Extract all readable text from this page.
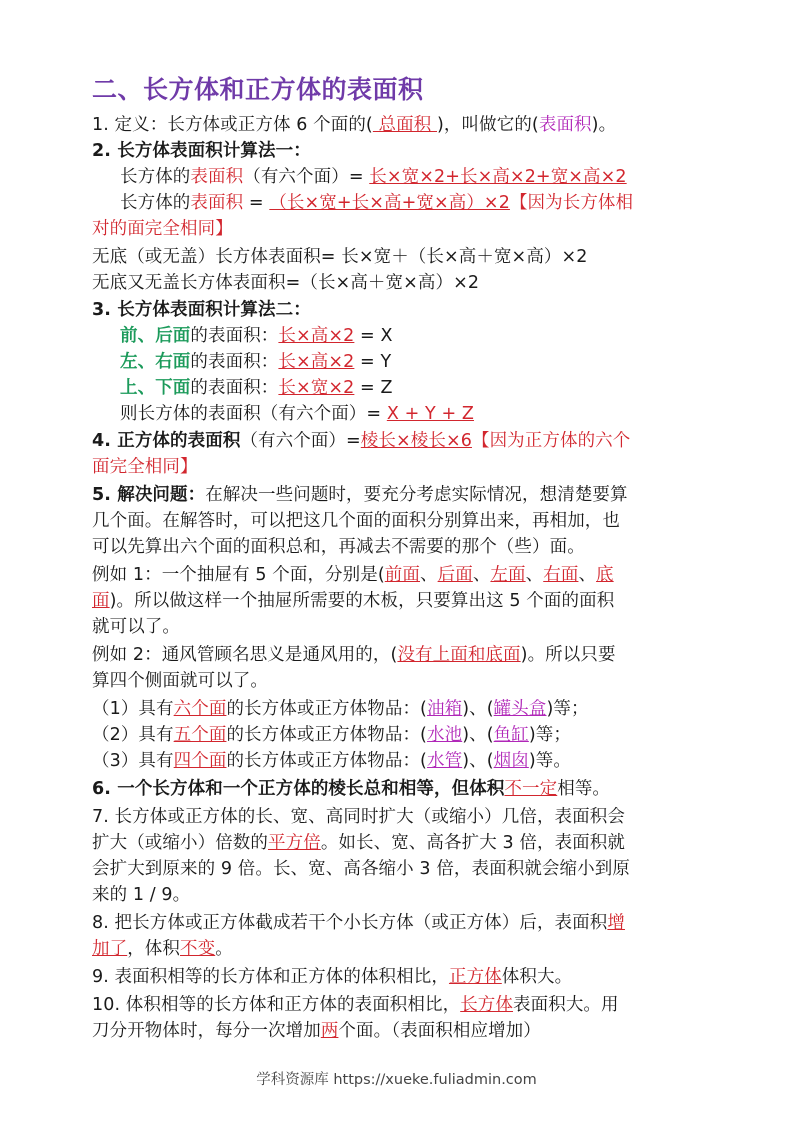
二、长方体和正方体的表面积
1. 定义：长方体或正方体 6 个面的( 总面积 )，叫做它的(表面积)。
2. 长方体表面积计算法一：
长方体的表面积（有六个面）= 长×宽×2+长×高×2+宽×高×2
长方体的表面积 = （长×宽+长×高+宽×高）×2【因为长方体相
对的面完全相同】
无底（或无盖）长方体表面积= 长×宽＋（长×高＋宽×高）×2
无底又无盖长方体表面积=（长×高＋宽×高）×2
3. 长方体表面积计算法二：
前、后面的表面积：长×高×2 = X
左、右面的表面积：长×高×2 = Y
上、下面的表面积：长×宽×2 = Z
则长方体的表面积（有六个面）= X + Y + Z
4. 正方体的表面积（有六个面）=棱长×棱长×6【因为正方体的六个
面完全相同】
5. 解决问题：在解决一些问题时，要充分考虑实际情况，想清楚要算
几个面。在解答时，可以把这几个面的面积分别算出来，再相加，也
可以先算出六个面的面积总和，再减去不需要的那个（些）面。
例如 1：一个抽屉有 5 个面，分别是(前面、后面、左面、右面、底
面)。所以做这样一个抽屉所需要的木板，只要算出这 5 个面的面积
就可以了。
例如 2：通风管顾名思义是通风用的，(没有上面和底面)。所以只要
算四个侧面就可以了。
（1）具有六个面的长方体或正方体物品：(油箱)、(罐头盒)等；
（2）具有五个面的长方体或正方体物品：(水池)、(鱼缸)等；
（3）具有四个面的长方体或正方体物品：(水管)、(烟囱)等。
6. 一个长方体和一个正方体的棱长总和相等，但体积不一定相等。
7. 长方体或正方体的长、宽、高同时扩大（或缩小）几倍，表面积会
扩大（或缩小）倍数的平方倍。如长、宽、高各扩大 3 倍，表面积就
会扩大到原来的 9 倍。长、宽、高各缩小 3 倍，表面积就会缩小到原
来的 1 / 9。
8. 把长方体或正方体截成若干个小长方体（或正方体）后，表面积增
加了，体积不变。
9. 表面积相等的长方体和正方体的体积相比，正方体体积大。
10. 体积相等的长方体和正方体的表面积相比，长方体表面积大。用
刀分开物体时，每分一次增加两个面。（表面积相应增加）
学科资源库 https://xueke.fuliadmin.com
